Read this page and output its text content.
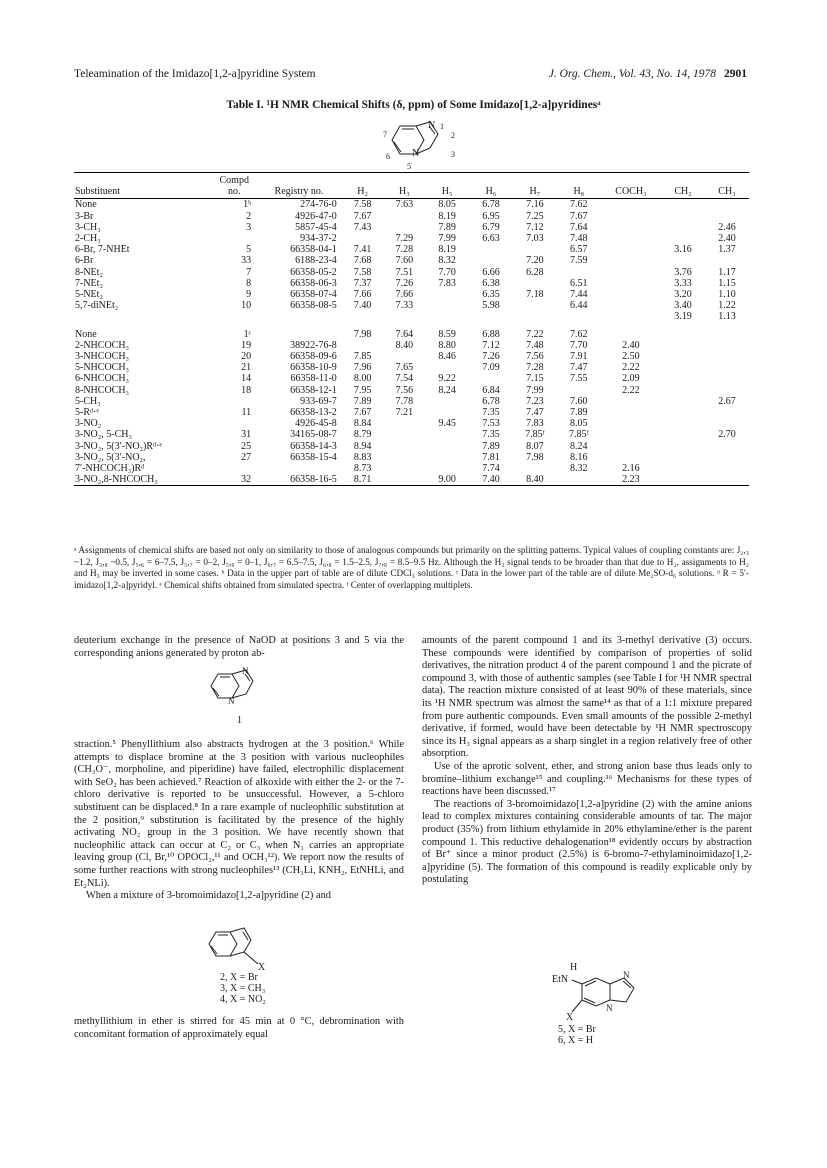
Teleamination of the Imidazo[1,2-a]pyridine System	J. Org. Chem., Vol. 43, No. 14, 1978 2901
Table I. ¹H NMR Chemical Shifts (δ, ppm) of Some Imidazo[1,2-a]pyridinesᵃ
7
N 1
2
6 N	3
5
Substituent	Compd no.	Registry no.	H₂	H₃	H₅	H₆	H₇	H₈	COCH₃	CH₂	CH₃
None	1ᵇ	274-76-0	7.58	7.63	8.05	6.78	7.16	7.62			
3-Br	2	4926-47-0	7.67		8.19	6.95	7.25	7.67			
3-CH₃	3	5857-45-4	7.43		7.89	6.79	7.12	7.64			2.46
2-CH₃		934-37-2		7.29	7.99	6.63	7.03	7.48			2.40
6-Br, 7-NHEt	5	66358-04-1	7.41	7.28	8.19			6.57		3.16	1.37
6-Br	33	6188-23-4	7.68	7.60	8.32		7.20	7.59			
8-NEt₂	7	66358-05-2	7.58	7.51	7.70	6.66	6.28			3.76	1.17
7-NEt₂	8	66358-06-3	7.37	7.26	7.83	6.38		6.51		3.33	1.15
5-NEt₂	9	66358-07-4	7.66	7.66		6.35	7.18	7.44		3.20	1.10
5,7-diNEt₂	10	66358-08-5	7.40	7.33		5.98		6.44		3.40	1.22
										3.19	1.13

None	1ᶜ		7.98	7.64	8.59	6.88	7.22	7.62			
2-NHCOCH₃	19	38922-76-8		8.40	8.80	7.12	7.48	7.70	2.40		
3-NHCOCH₃	20	66358-09-6	7.85		8.46	7.26	7.56	7.91	2.50		
5-NHCOCH₃	21	66358-10-9	7.96	7.65		7.09	7.28	7.47	2.22		
6-NHCOCH₃	14	66358-11-0	8.00	7.54	9.22		7.15	7.55	2.09		
8-NHCOCH₃	18	66358-12-1	7.95	7.56	8.24	6.84	7.99		2.22		
5-CH₃		933-69-7	7.89	7.78		6.78	7.23	7.60			2.67
5-Rᵈ·ᵉ	11	66358-13-2	7.67	7.21		7.35	7.47	7.89			
3-NO₂		4926-45-8	8.84		9.45	7.53	7.83	8.05			
3-NO₂, 5-CH₃	31	34165-08-7	8.79			7.35	7.85ᶠ	7.85ᶠ			2.70
3-NO₂, 5(3′-NO₂)Rᵈ·ᵉ	25	66358-14-3	8.94			7.89	8.07	8.24			
3-NO₂, 5(3′-NO₂,	27	66358-15-4	8.83			7.81	7.98	8.16			
7′-NHCOCH₃)Rᵈ			8.73			7.74		8.32	2.16		
3-NO₂,8-NHCOCH₃	32	66358-16-5	8.71		9.00	7.40	8.40		2.23		
ᵃ Assignments of chemical shifts are based not only on similarity to those of analogous compounds but primarily on the splitting patterns. Typical values of coupling constants are: J₂,₃ ~1.2, J₃,₈ ~0.5, J₅,₆ = 6–7.5, J₅,₇ = 0–2, J₅,₈ = 0–1, J₆,₇ = 6.5–7.5, J₆,₈ = 1.5–2.5, J₇,₈ = 8.5–9.5 Hz. Although the H₃ signal tends to be broader than that due to H₂, assignments to H₂ and H₃ may be inverted in some cases. ᵇ Data in the upper part of table are of dilute CDCl₃ solutions. ᶜ Data in the lower part of the table are of dilute Me₂SO-d₆ solutions. ᵈ R = 5′-imidazo[1,2-a]pyridyl. ᵉ Chemical shifts obtained from simulated spectra. ᶠ Center of overlapping multiplets.

deuterium exchange in the presence of NaOD at positions 3 and 5 via the corresponding anions generated by proton ab-

N
N
1

straction.⁵ Phenyllithium also abstracts hydrogen at the 3 position.⁶ While attempts to displace bromine at the 3 position with various nucleophiles (CH₃O⁻, morpholine, and piperidine) have failed, electrophilic displacement with SeO₂ has been achieved.⁷ Reaction of alkoxide with either the 2- or the 7-chloro derivative is reported to be unsuccessful. However, a 5-chloro substituent can be displaced.⁸ In a rare example of nucleophilic substitution at the 2 position,⁹ substitution is facilitated by the presence of the highly activating NO₂ group in the 3 position. We have recently shown that nucleophilic attack can occur at C₂ or C₃ when N₁ carries an appropriate leaving group (Cl, Br,¹⁰ OPOCl₂,¹¹ and OCH₃¹²). We report now the results of some further reactions with strong nucleophiles¹³ (CH₃Li, KNH₂, EtNHLi, and Et₂NLi).

When a mixture of 3-bromoimidazo[1,2-a]pyridine (2) and

X
2, X = Br
3, X = CH₃
4, X = NO₂

methyllithium in ether is stirred for 45 min at 0 °C, debromination with concomitant formation of approximately equal

amounts of the parent compound 1 and its 3-methyl derivative (3) occurs. These compounds were identified by comparison of properties of solid derivatives, the nitration product 4 of the parent compound 1 and the picrate of compound 3, with those of authentic samples (see Table I for ¹H NMR spectral data). The reaction mixture consisted of at least 90% of these materials, since its ¹H NMR spectrum was almost the same¹⁴ as that of a 1:1 mixture prepared from pure authentic compounds. Even small amounts of the possible 2-methyl derivative, if formed, would have been detectable by ¹H NMR spectroscopy since its H₃ signal appears as a sharp singlet in a region relatively free of other absorption.

Use of the aprotic solvent, ether, and strong anion base thus leads only to bromine–lithium exchange¹⁵ and coupling.¹⁶ Mechanisms for these types of reactions have been discussed.¹⁷

The reactions of 3-bromoimidazo[1,2-a]pyridine (2) with the amine anions lead to complex mixtures containing considerable amounts of tar. The major product (35%) from lithium ethylamide in 20% ethylamine/ether is the parent compound 1. This reductive dehalogenation¹⁸ evidently occurs by abstraction of Br⁺ since a minor product (2.5%) is 6-bromo-7-ethylaminoimidazo[1,2-a]pyridine (5). The formation of this compound is readily explicable only by postulating

H
EtN	N
N
X
5, X = Br
6, X = H
